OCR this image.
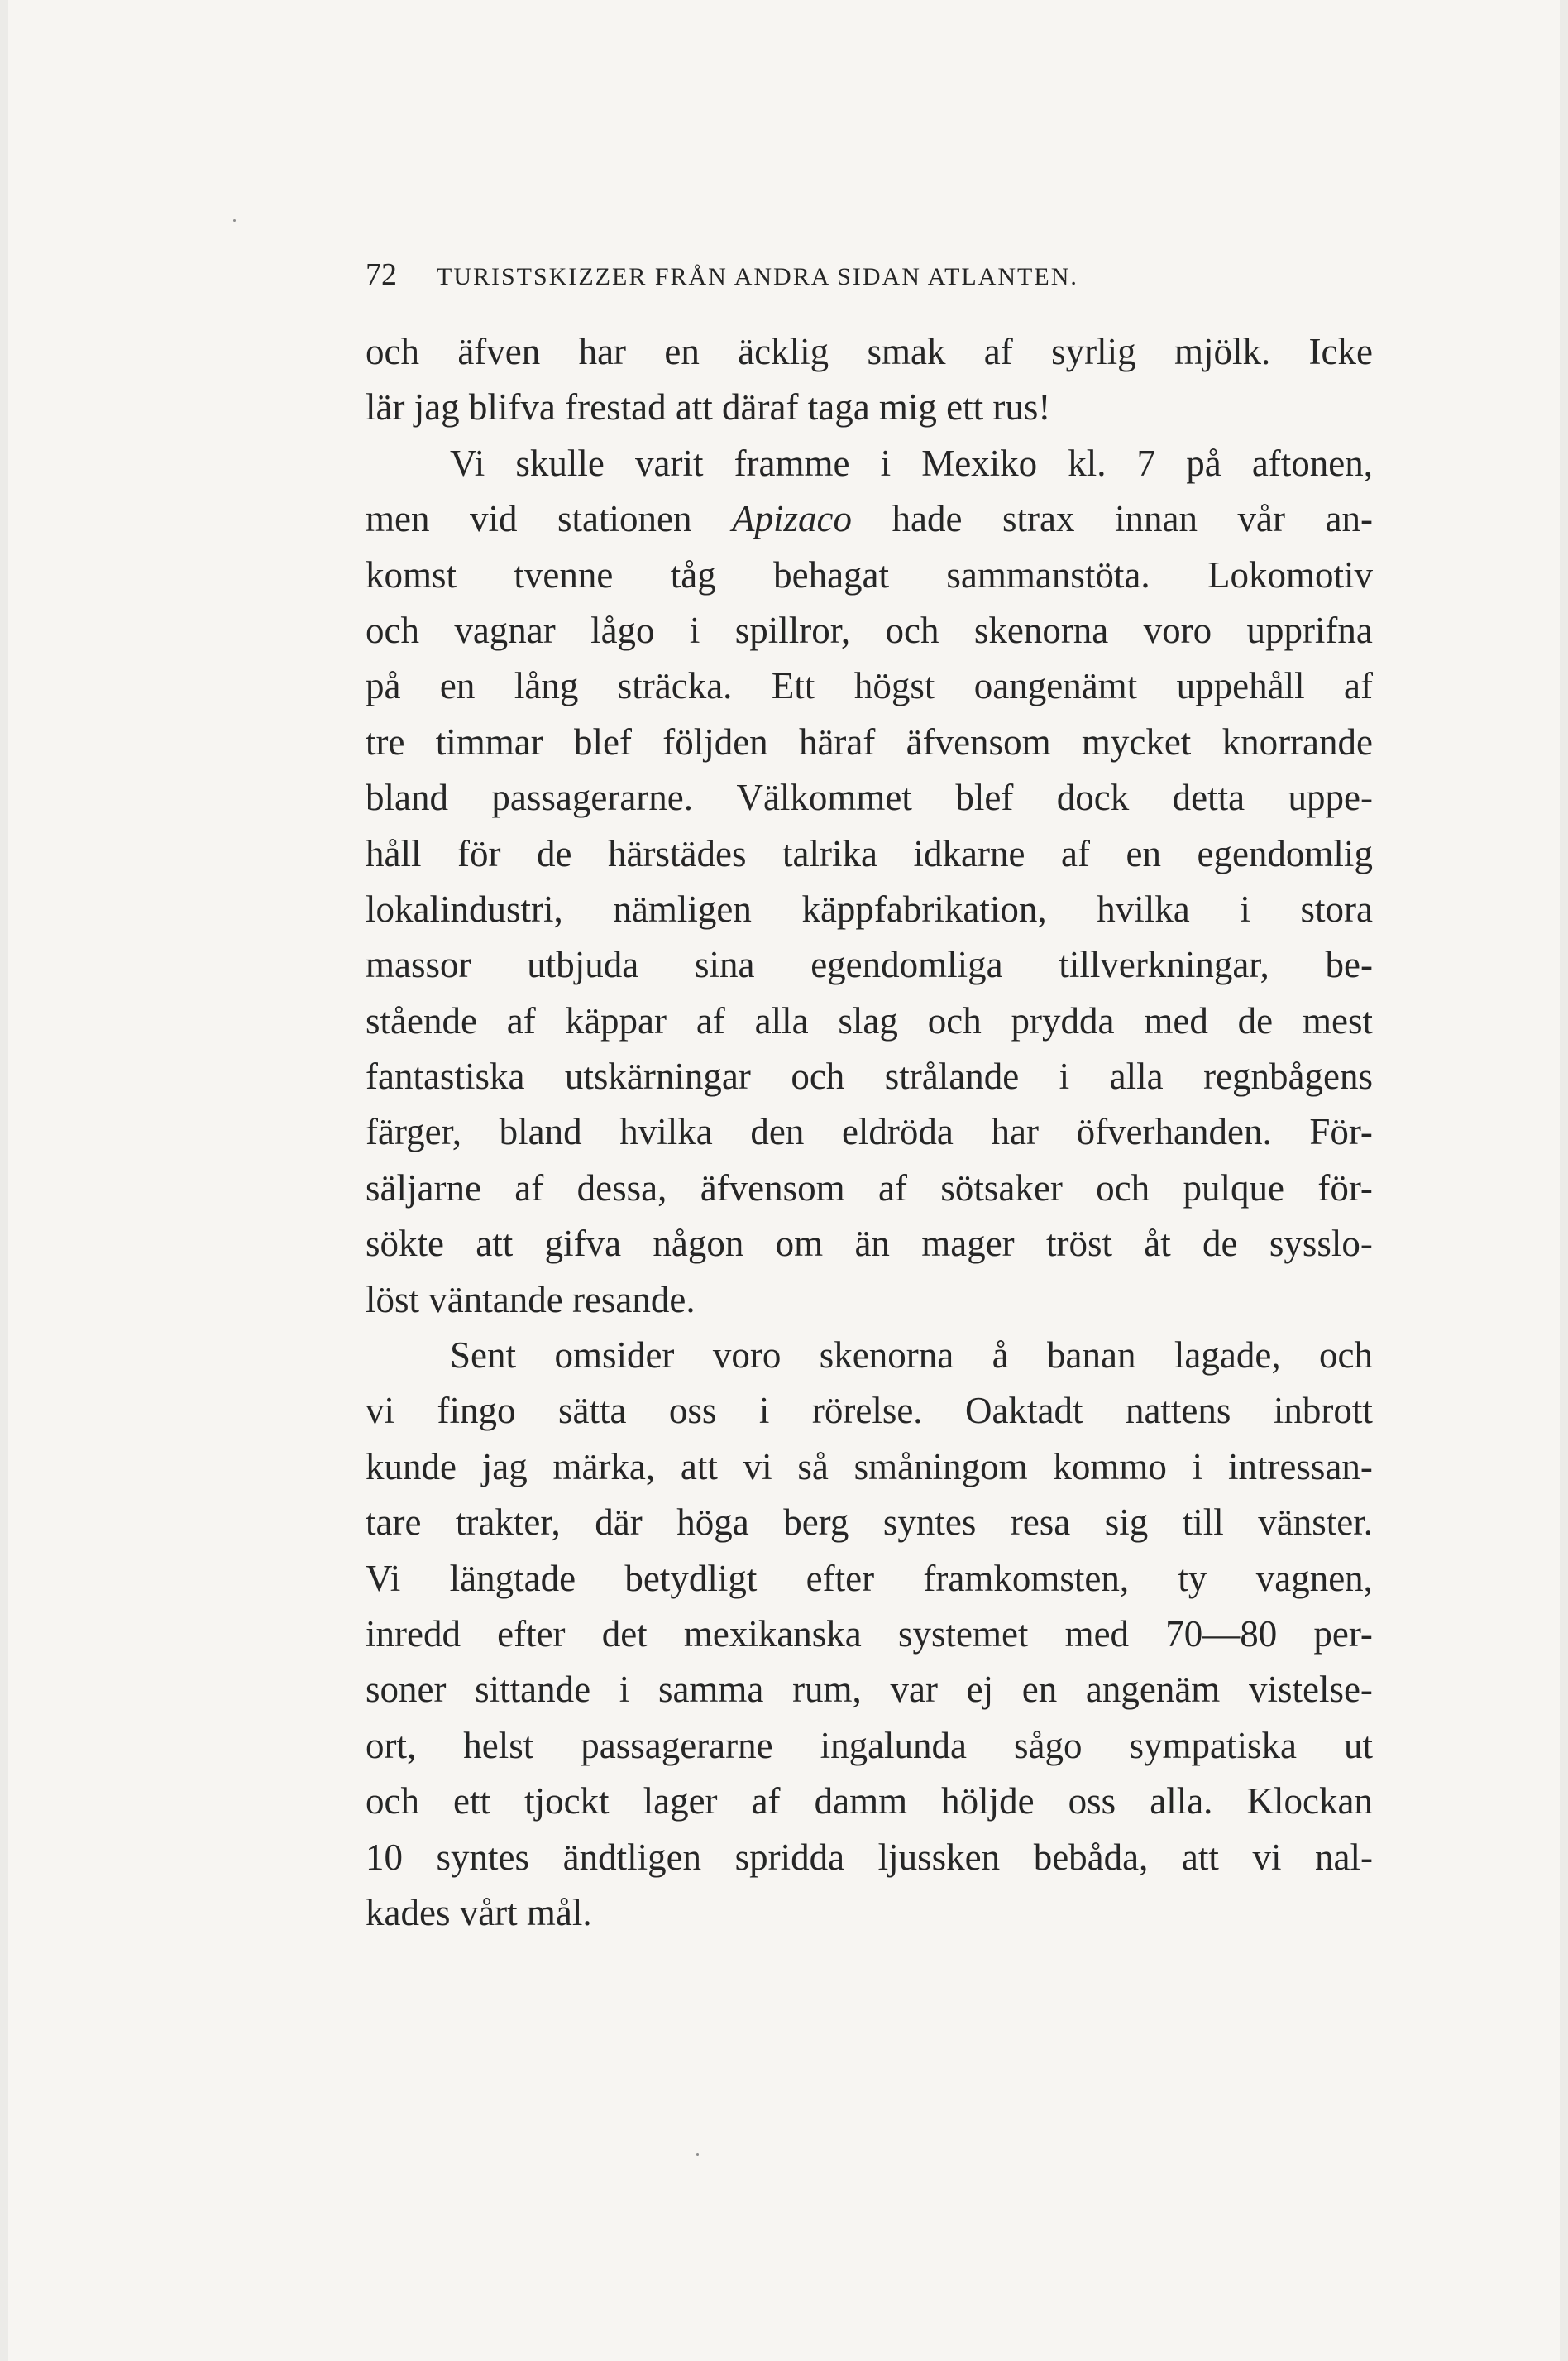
72 TURISTSKIZZER FRÅN ANDRA SIDAN ATLANTEN.
och äfven har en äcklig smak af syrlig mjölk. Icke
lär jag blifva frestad att däraf taga mig ett rus!
Vi skulle varit framme i Mexiko kl. 7 på aftonen,
men vid stationen Apizaco hade strax innan vår an-
komst tvenne tåg behagat sammanstöta. Lokomotiv
och vagnar lågo i spillror, och skenorna voro upprifna
på en lång sträcka. Ett högst oangenämt uppehåll af
tre timmar blef följden häraf äfvensom mycket knorrande
bland passagerarne. Välkommet blef dock detta uppe-
håll för de härstädes talrika idkarne af en egendomlig
lokalindustri, nämligen käppfabrikation, hvilka i stora
massor utbjuda sina egendomliga tillverkningar, be-
stående af käppar af alla slag och prydda med de mest
fantastiska utskärningar och strålande i alla regnbågens
färger, bland hvilka den eldröda har öfverhanden. För-
säljarne af dessa, äfvensom af sötsaker och pulque för-
sökte att gifva någon om än mager tröst åt de sysslo-
löst väntande resande.
Sent omsider voro skenorna å banan lagade, och
vi fingo sätta oss i rörelse. Oaktadt nattens inbrott
kunde jag märka, att vi så småningom kommo i intressan-
tare trakter, där höga berg syntes resa sig till vänster.
Vi längtade betydligt efter framkomsten, ty vagnen,
inredd efter det mexikanska systemet med 70—80 per-
soner sittande i samma rum, var ej en angenäm vistelse-
ort, helst passagerarne ingalunda sågo sympatiska ut
och ett tjockt lager af damm höljde oss alla. Klockan
10 syntes ändtligen spridda ljussken bebåda, att vi nal-
kades vårt mål.
